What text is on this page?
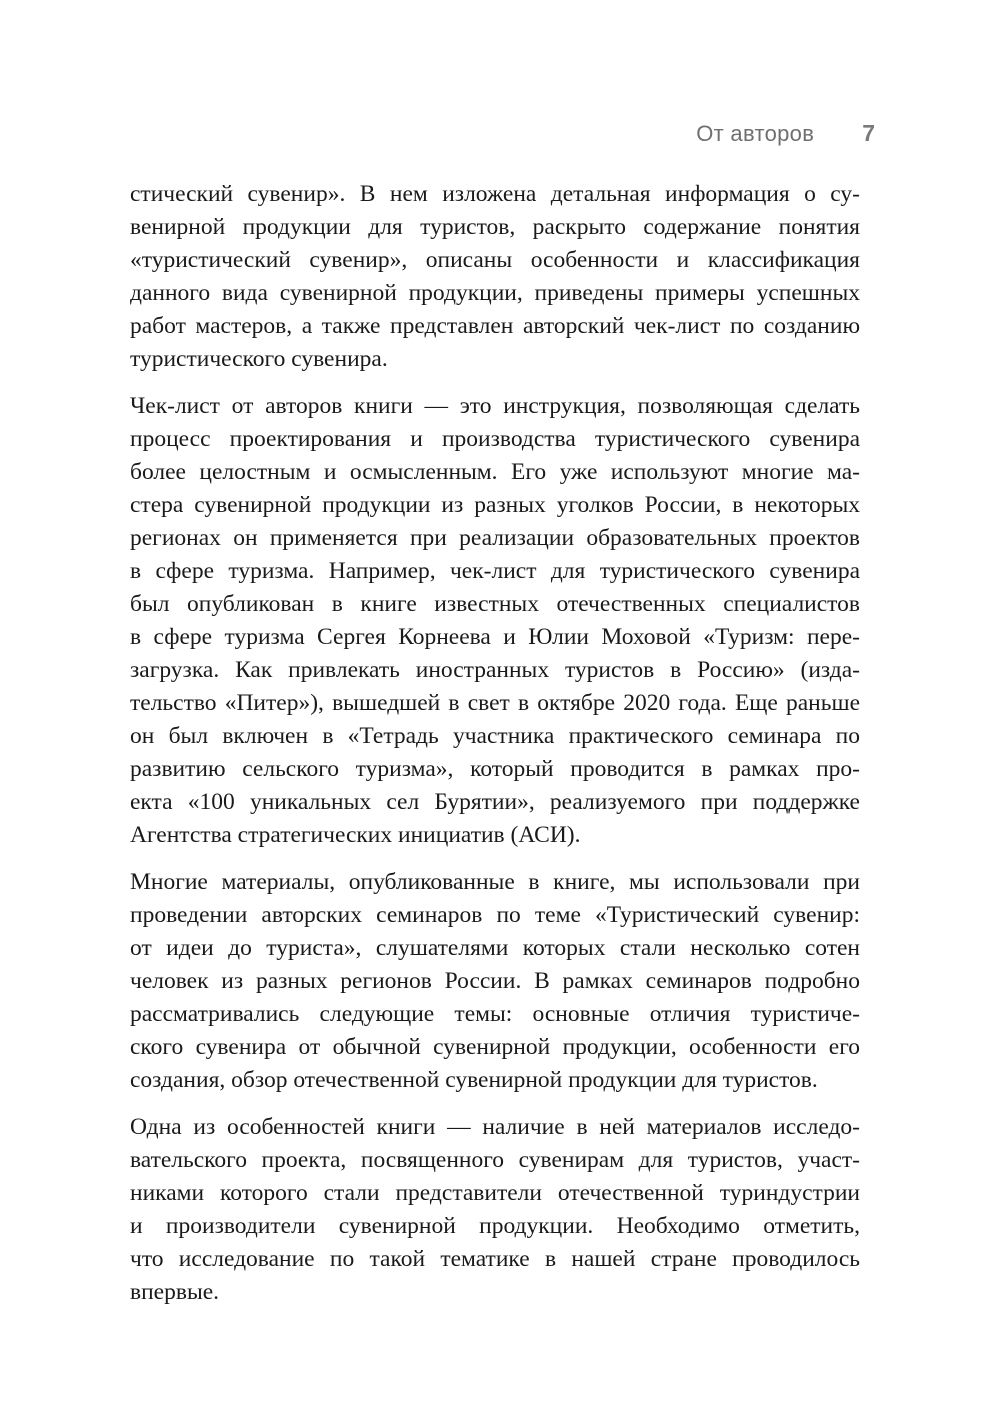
От авторов 7
стический сувенир». В нем изложена детальная информация о су-
венирной продукции для туристов, раскрыто содержание понятия
«туристический сувенир», описаны особенности и классификация
данного вида сувенирной продукции, приведены примеры успешных
работ мастеров, а также представлен авторский чек-лист по созданию
туристического сувенира.
Чек-лист от авторов книги — это инструкция, позволяющая сделать
процесс проектирования и производства туристического сувенира
более целостным и осмысленным. Его уже используют многие ма-
стера сувенирной продукции из разных уголков России, в некоторых
регионах он применяется при реализации образовательных проектов
в сфере туризма. Например, чек-лист для туристического сувенира
был опубликован в книге известных отечественных специалистов
в сфере туризма Сергея Корнеева и Юлии Моховой «Туризм: пере-
загрузка. Как привлекать иностранных туристов в Россию» (изда-
тельство «Питер»), вышедшей в свет в октябре 2020 года. Еще раньше
он был включен в «Тетрадь участника практического семинара по
развитию сельского туризма», который проводится в рамках про-
екта «100 уникальных сел Бурятии», реализуемого при поддержке
Агентства стратегических инициатив (АСИ).
Многие материалы, опубликованные в книге, мы использовали при
проведении авторских семинаров по теме «Туристический сувенир:
от идеи до туриста», слушателями которых стали несколько сотен
человек из разных регионов России. В рамках семинаров подробно
рассматривались следующие темы: основные отличия туристиче-
ского сувенира от обычной сувенирной продукции, особенности его
создания, обзор отечественной сувенирной продукции для туристов.
Одна из особенностей книги — наличие в ней материалов исследо-
вательского проекта, посвященного сувенирам для туристов, участ-
никами которого стали представители отечественной туриндустрии
и производители сувенирной продукции. Необходимо отметить,
что исследование по такой тематике в нашей стране проводилось
впервые.
